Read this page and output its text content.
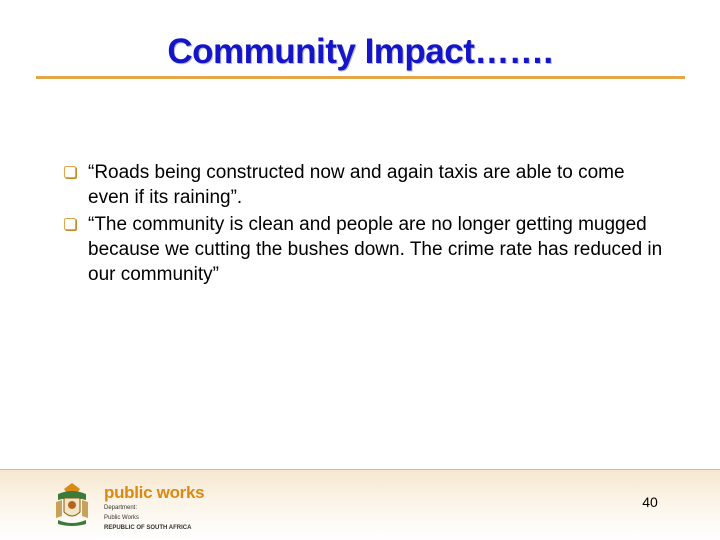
Community Impact…….
“Roads being constructed now and again taxis are able to come even if its raining”.
“The community is clean and people are no longer getting mugged because we cutting the bushes down. The crime rate has reduced in our community”
public works
Department:
Public Works
REPUBLIC OF SOUTH AFRICA
40
